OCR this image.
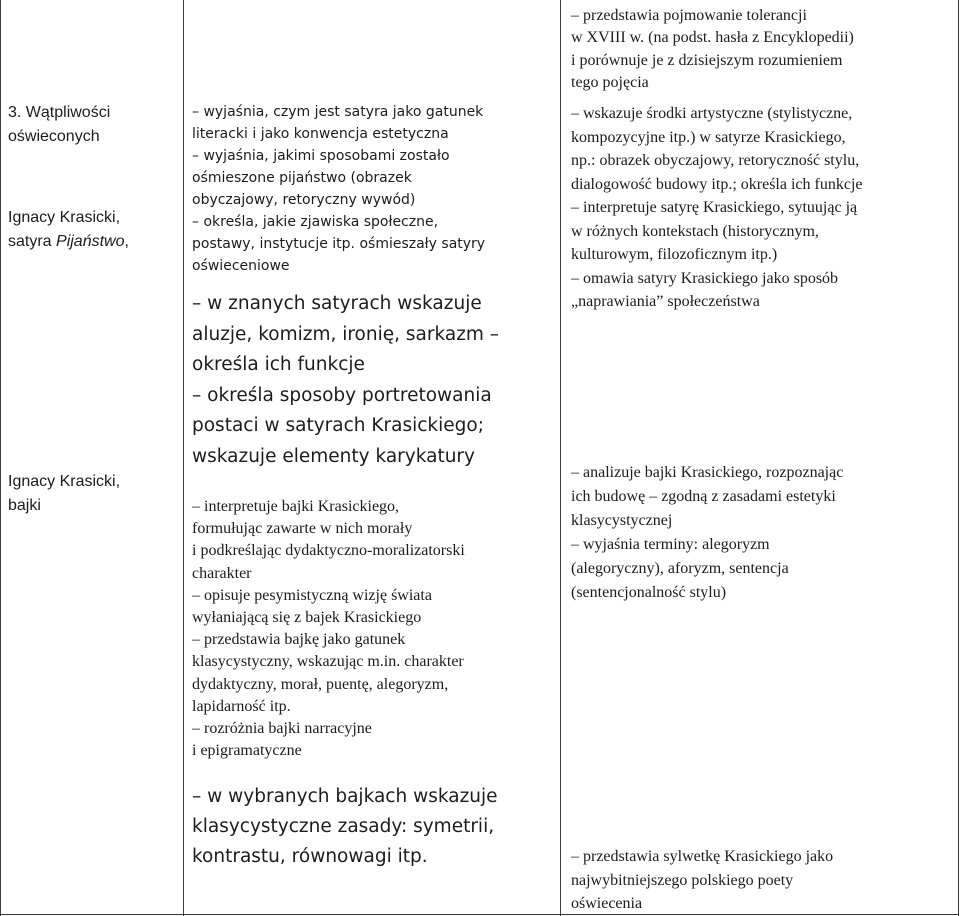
3. Wątpliwości
oświeconych
Ignacy Krasicki,
satyra Pijaństwo,
Ignacy Krasicki,
bajki
– wyjaśnia, czym jest satyra jako gatunek
literacki i jako konwencja estetyczna
– wyjaśnia, jakimi sposobami zostało
ośmieszone pijaństwo (obrazek
obyczajowy, retoryczny wywód)
– określa, jakie zjawiska społeczne,
postawy, instytucje itp. ośmieszały satyry
oświeceniowe
– w znanych satyrach wskazuje
aluzje, komizm, ironię, sarkazm –
określa ich funkcje
– określa sposoby portretowania
postaci w satyrach Krasickiego;
wskazuje elementy karykatury
– interpretuje bajki Krasickiego,
formułując zawarte w nich morały
i podkreślając dydaktyczno-moralizatorski
charakter
– opisuje pesymistyczną wizję świata
wyłaniającą się z bajek Krasickiego
– przedstawia bajkę jako gatunek
klasycystyczny, wskazując m.in. charakter
dydaktyczny, morał, puentę, alegoryzm,
lapidarność itp.
– rozróżnia bajki narracyjne
i epigramatyczne
– w wybranych bajkach wskazuje
klasycystyczne zasady: symetrii,
kontrastu, równowagi itp.
– przedstawia pojmowanie tolerancji
w XVIII w. (na podst. hasła z Encyklopedii)
i porównuje je z dzisiejszym rozumieniem
tego pojęcia
– wskazuje środki artystyczne (stylistyczne,
kompozycyjne itp.) w satyrze Krasickiego,
np.: obrazek obyczajowy, retoryczność stylu,
dialogowość budowy itp.; określa ich funkcje
– interpretuje satyrę Krasickiego, sytuując ją
w różnych kontekstach (historycznym,
kulturowym, filozoficznym itp.)
– omawia satyry Krasickiego jako sposób
„naprawiania” społeczeństwa
– analizuje bajki Krasickiego, rozpoznając
ich budowę – zgodną z zasadami estetyki
klasycystycznej
– wyjaśnia terminy: alegoryzm
(alegoryczny), aforyzm, sentencja
(sentencjonalność stylu)
– przedstawia sylwetkę Krasickiego jako
najwybitniejszego polskiego poety
oświecenia
